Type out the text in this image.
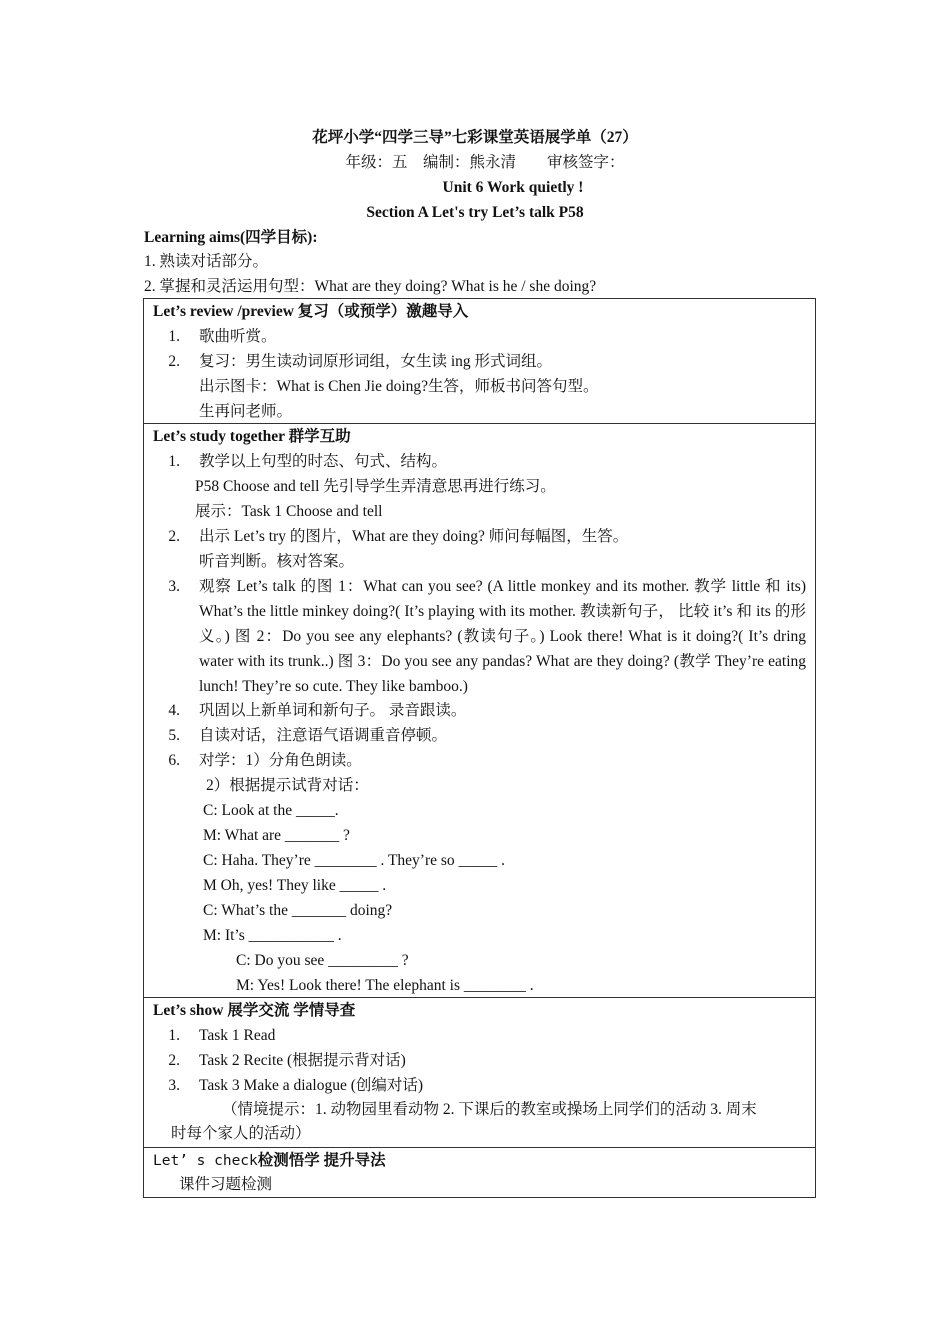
花坪小学“四学三导”七彩课堂英语展学单（27）
年级：五　编制：熊永清　　审核签字：
Unit 6 Work quietly !
Section A Let's try Let’s talk P58
Learning aims(四学目标):
1. 熟读对话部分。
2. 掌握和灵活运用句型：What are they doing? What is he / she doing?
Let’s review /preview 复习（或预学）激趣导入
1. 歌曲听赏。
2. 复习：男生读动词原形词组，女生读 ing 形式词组。
出示图卡：What is Chen Jie doing?生答，师板书问答句型。
生再问老师。

Let’s study together 群学互助
1. 教学以上句型的时态、句式、结构。
P58 Choose and tell 先引导学生弄清意思再进行练习。
展示：Task 1 Choose and tell
2. 出示 Let’s try 的图片，What are they doing? 师问每幅图，生答。
听音判断。核对答案。
3. 观察 Let’s talk 的图 1：What can you see? (A little monkey and its mother. 教学 little 和 its) What’s the little minkey doing?( It’s playing with its mother. 教读新句子， 比较 it’s 和 its 的形义。) 图 2：Do you see any elephants? (教读句子。) Look there! What is it doing?( It’s dring water with its trunk..) 图 3：Do you see any pandas? What are they doing? (教学 They’re eating lunch! They’re so cute. They like bamboo.)
4. 巩固以上新单词和新句子。 录音跟读。
5. 自读对话，注意语气语调重音停顿。
6. 对学：1）分角色朗读。
2）根据提示试背对话：
C: Look at the _____.
M: What are _______ ?
C: Haha. They’re ________ . They’re so _____ .
M Oh, yes! They like _____ .
C: What’s the _______ doing?
M: It’s ___________ .
C: Do you see _________ ?
M: Yes! Look there! The elephant is ________ .

Let’s show 展学交流 学情导查
1. Task 1 Read
2. Task 2 Recite (根据提示背对话)
3. Task 3 Make a dialogue (创编对话)
（情境提示：1. 动物园里看动物 2. 下课后的教室或操场上同学们的活动 3. 周末
时每个家人的活动）

Let’ s check检测悟学 提升导法
课件习题检测
